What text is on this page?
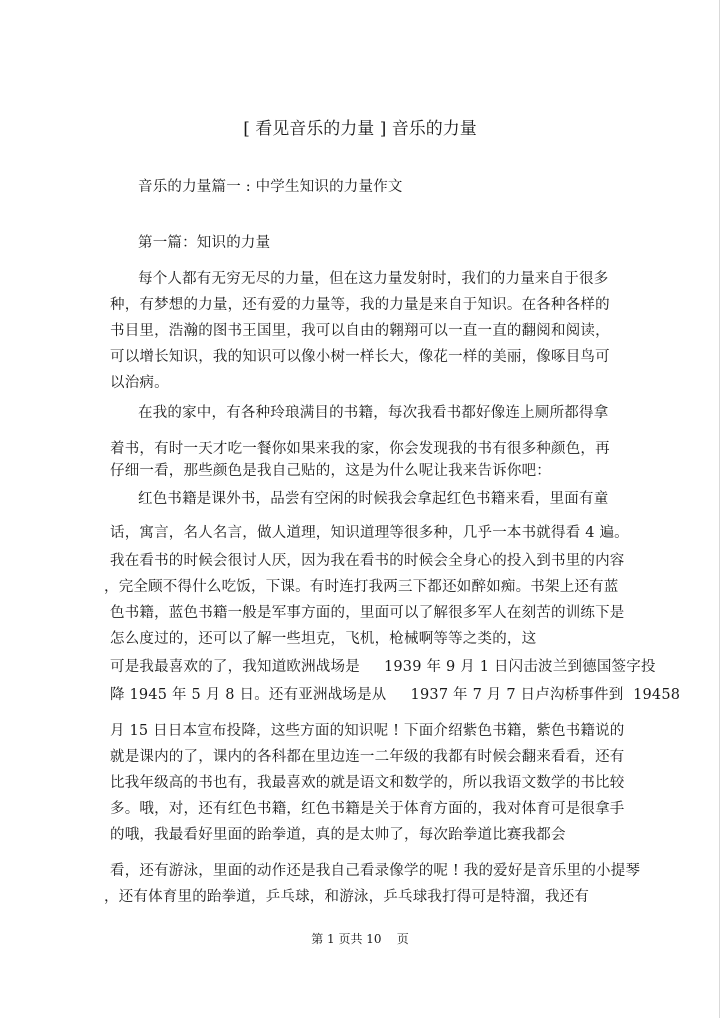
[ 看见音乐的力量 ] 音乐的力量
音乐的力量篇一 : 中学生知识的力量作文
第一篇：知识的力量
每个人都有无穷无尽的力量，但在这力量发射时，我们的力量来自于很多
种，有梦想的力量，还有爱的力量等，我的力量是来自于知识。在各种各样的
书目里，浩瀚的图书王国里，我可以自由的翱翔可以一直一直的翻阅和阅读，
可以增长知识，我的知识可以像小树一样长大，像花一样的美丽，像啄目鸟可
以治病。
在我的家中，有各种玲琅满目的书籍，每次我看书都好像连上厕所都得拿
着书，有时一天才吃一餐你如果来我的家，你会发现我的书有很多种颜色，再
仔细一看，那些颜色是我自己贴的，这是为什么呢让我来告诉你吧：
红色书籍是课外书，品尝有空闲的时候我会拿起红色书籍来看，里面有童
话，寓言，名人名言，做人道理，知识道理等很多种，几乎一本书就得看 4 遍。
我在看书的时候会很讨人厌，因为我在看书的时候会全身心的投入到书里的内容
，完全顾不得什么吃饭，下课。有时连打我两三下都还如醉如痴。书架上还有蓝
色书籍，蓝色书籍一般是军事方面的，里面可以了解很多军人在刻苦的训练下是
怎么度过的，还可以了解一些坦克，飞机，枪械啊等等之类的，这
可是我最喜欢的了，我知道欧洲战场是     1939 年 9 月 1 日闪击波兰到德国签字投
降 1945 年 5 月 8 日。还有亚洲战场是从     1937 年 7 月 7 日卢沟桥事件到  19458
月 15 日日本宣布投降，这些方面的知识呢 ! 下面介绍紫色书籍，紫色书籍说的
就是课内的了，课内的各科都在里边连一二年级的我都有时候会翻来看看，还有
比我年级高的书也有，我最喜欢的就是语文和数学的，所以我语文数学的书比较
多。哦，对，还有红色书籍，红色书籍是关于体育方面的，我对体育可是很拿手
的哦，我最看好里面的跆拳道，真的是太帅了，每次跆拳道比赛我都会
看，还有游泳，里面的动作还是我自己看录像学的呢 ! 我的爱好是音乐里的小提琴
，还有体育里的跆拳道，乒乓球，和游泳，乒乓球我打得可是特溜，我还有
第 1 页共 10    页
